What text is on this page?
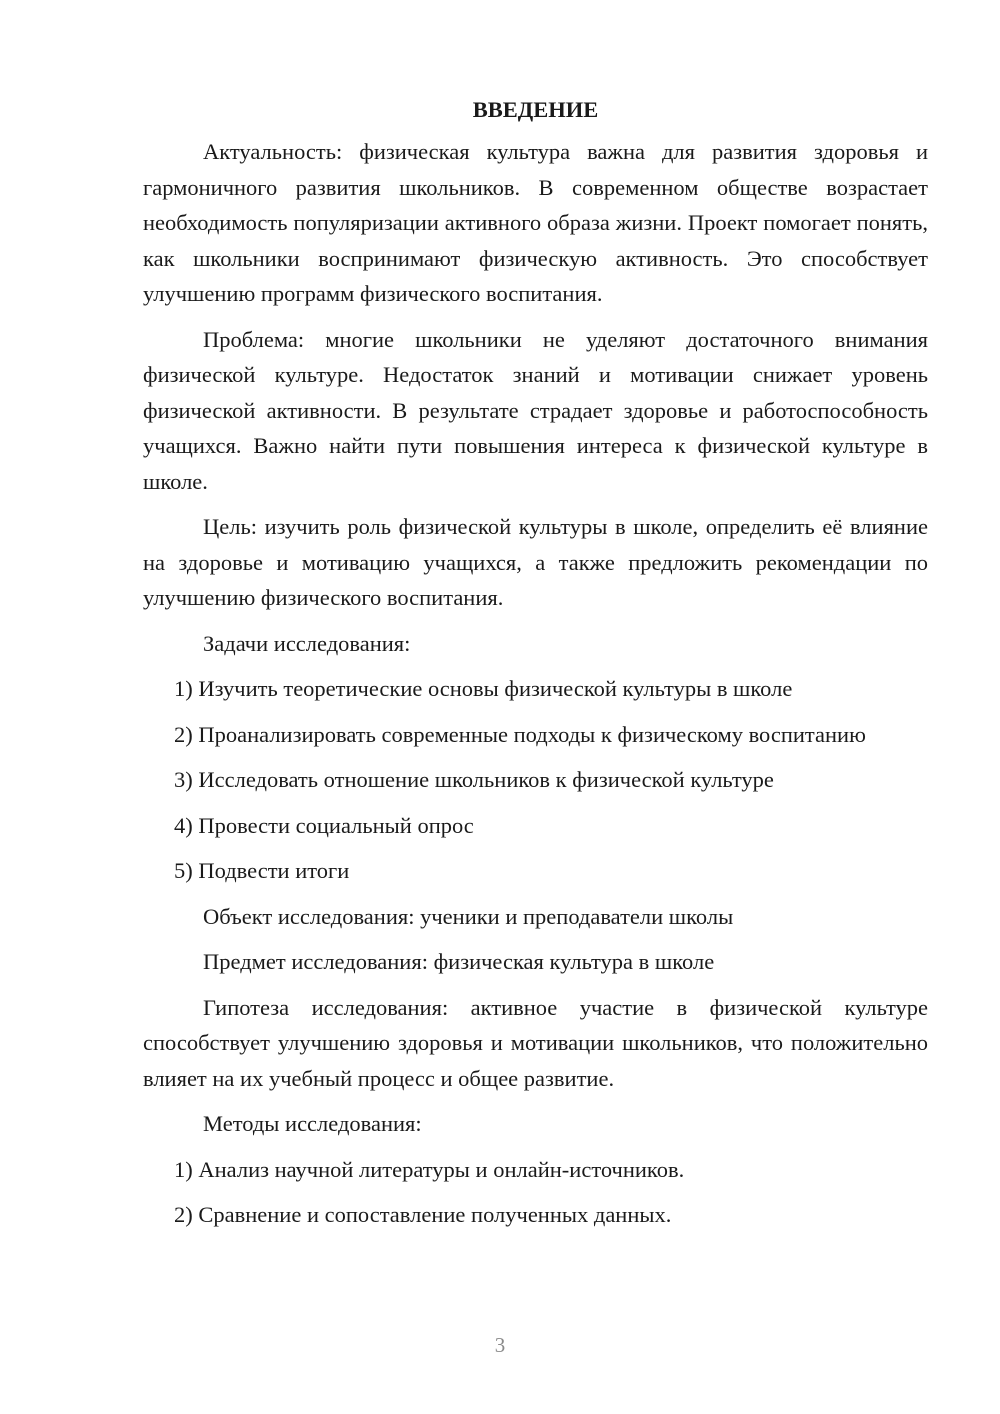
ВВЕДЕНИЕ

Актуальность: физическая культура важна для развития здоровья и гармоничного развития школьников. В современном обществе возрастает необходимость популяризации активного образа жизни. Проект помогает понять, как школьники воспринимают физическую активность. Это способствует улучшению программ физического воспитания.

Проблема: многие школьники не уделяют достаточного внимания физической культуре. Недостаток знаний и мотивации снижает уровень физической активности. В результате страдает здоровье и работоспособность учащихся. Важно найти пути повышения интереса к физической культуре в школе.

Цель: изучить роль физической культуры в школе, определить её влияние на здоровье и мотивацию учащихся, а также предложить рекомендации по улучшению физического воспитания.

Задачи исследования:

1) Изучить теоретические основы физической культуры в школе

2) Проанализировать современные подходы к физическому воспитанию

3) Исследовать отношение школьников к физической культуре

4) Провести социальный опрос

5) Подвести итоги

Объект исследования: ученики и преподаватели школы

Предмет исследования: физическая культура в школе

Гипотеза исследования: активное участие в физической культуре способствует улучшению здоровья и мотивации школьников, что положительно влияет на их учебный процесс и общее развитие.

Методы исследования:

1) Анализ научной литературы и онлайн-источников.

2) Сравнение и сопоставление полученных данных.

3
